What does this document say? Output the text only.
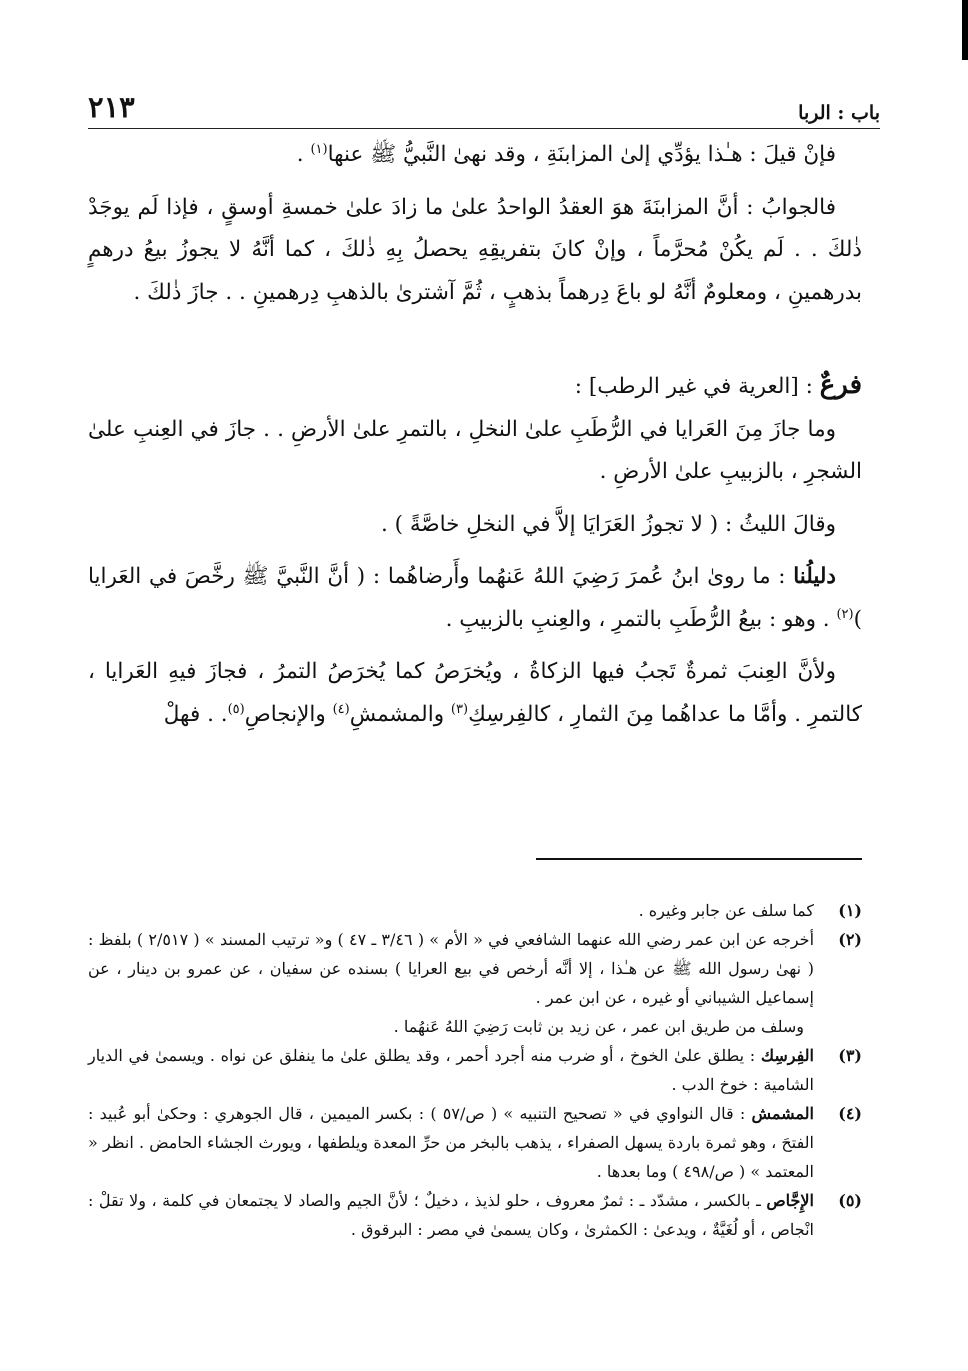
باب : الربا
٢١٣

فإنْ قيلَ : هـٰذا يؤدِّي إلىٰ المزابنَةِ ، وقد نهىٰ النَّبيُّ ﷺ عنها$^{(١)}$ .

فالجوابُ : أنَّ المزابنَةَ هوَ العقدُ الواحدُ علىٰ ما زادَ علىٰ خمسةِ أوسقٍ ، فإذا لَم يوجَدْ ذٰلكَ . . لَم يكُنْ مُحرَّماً ، وإنْ كانَ بتفريقِهِ يحصلُ بِهِ ذٰلكَ ، كما أنَّهُ لا يجوزُ بيعُ درهمٍ بدرهمينِ ، ومعلومٌ أنَّهُ لو باعَ دِرهماً بذهبٍ ، ثُمَّ آشترىٰ بالذهبِ دِرهمينِ . . جازَ ذٰلكَ .

فرعٌ : [العرية في غير الرطب] :

وما جازَ مِنَ العَرايا في الرُّطَبِ علىٰ النخلِ ، بالتمرِ علىٰ الأرضِ . . جازَ في العِنبِ علىٰ الشجرِ ، بالزبيبِ علىٰ الأرضِ .

وقالَ الليثُ : ( لا تجوزُ العَرَايَا إلاَّ في النخلِ خاصَّةً ) .

دليلُنا : ما روىٰ ابنُ عُمرَ رَضِيَ اللهُ عَنهُما وأَرضاهُما : ( أنَّ النَّبيَّ ﷺ رخَّصَ في العَرايا )$^{(٢)}$ . وهو : بيعُ الرُّطَبِ بالتمرِ ، والعِنبِ بالزبيبِ .

ولأنَّ العِنبَ ثمرةٌ تَجبُ فيها الزكاةُ ، ويُخرَصُ كما يُخرَصُ التمرُ ، فجازَ فيهِ العَرايا ، كالتمرِ . وأمَّا ما عداهُما مِنَ الثمارِ ، كالفِرسِكِ$^{(٣)}$ والمشمشِ$^{(٤)}$ والإنجاصِ$^{(٥)}$. . فهلْ

(١)
كما سلف عن جابر وغيره .
(٢)
أخرجه عن ابن عمر رضي الله عنهما الشافعي في « الأم » ( ٣/٤٦ ـ ٤٧ ) و« ترتيب المسند » ( ٢/٥١٧ ) بلفظ : ( نهىٰ رسول الله ﷺ عن هـٰذا ، إلا أنَّه أرخص في بيع العرايا ) بسنده عن سفيان ، عن عمرو بن دينار ، عن إسماعيل الشيباني أو غيره ، عن ابن عمر .
وسلف من طريق ابن عمر ، عن زيد بن ثابت رَضِيَ اللهُ عَنهُما .
(٣)
الفِرسِك : يطلق علىٰ الخوخ ، أو ضرب منه أجرد أحمر ، وقد يطلق علىٰ ما ينفلق عن نواه . ويسمىٰ في الديار الشامية : خوخ الدب .
(٤)
المشمش : قال النواوي في « تصحيح التنبيه » ( ص/٥٧ ) : بكسر الميمين ، قال الجوهري : وحكىٰ أبو عُبيد : الفتحَ ، وهو ثمرة باردة يسهل الصفراء ، يذهب بالبخر من حرِّ المعدة ويلطفها ، ويورث الجشاء الحامض . انظر « المعتمد » ( ص/٤٩٨ ) وما بعدها .
(٥)
الإِجَّاص ـ بالكسر ، مشدّد ـ : ثمرٌ معروف ، حلو لذيذ ، دخيلٌ ؛ لأنَّ الجيم والصاد لا يجتمعان في كلمة ، ولا تقلْ : انْجاص ، أو لُغَيَّةٌ ، ويدعىٰ : الكمثرىٰ ، وكان يسمىٰ في مصر : البرقوق .
